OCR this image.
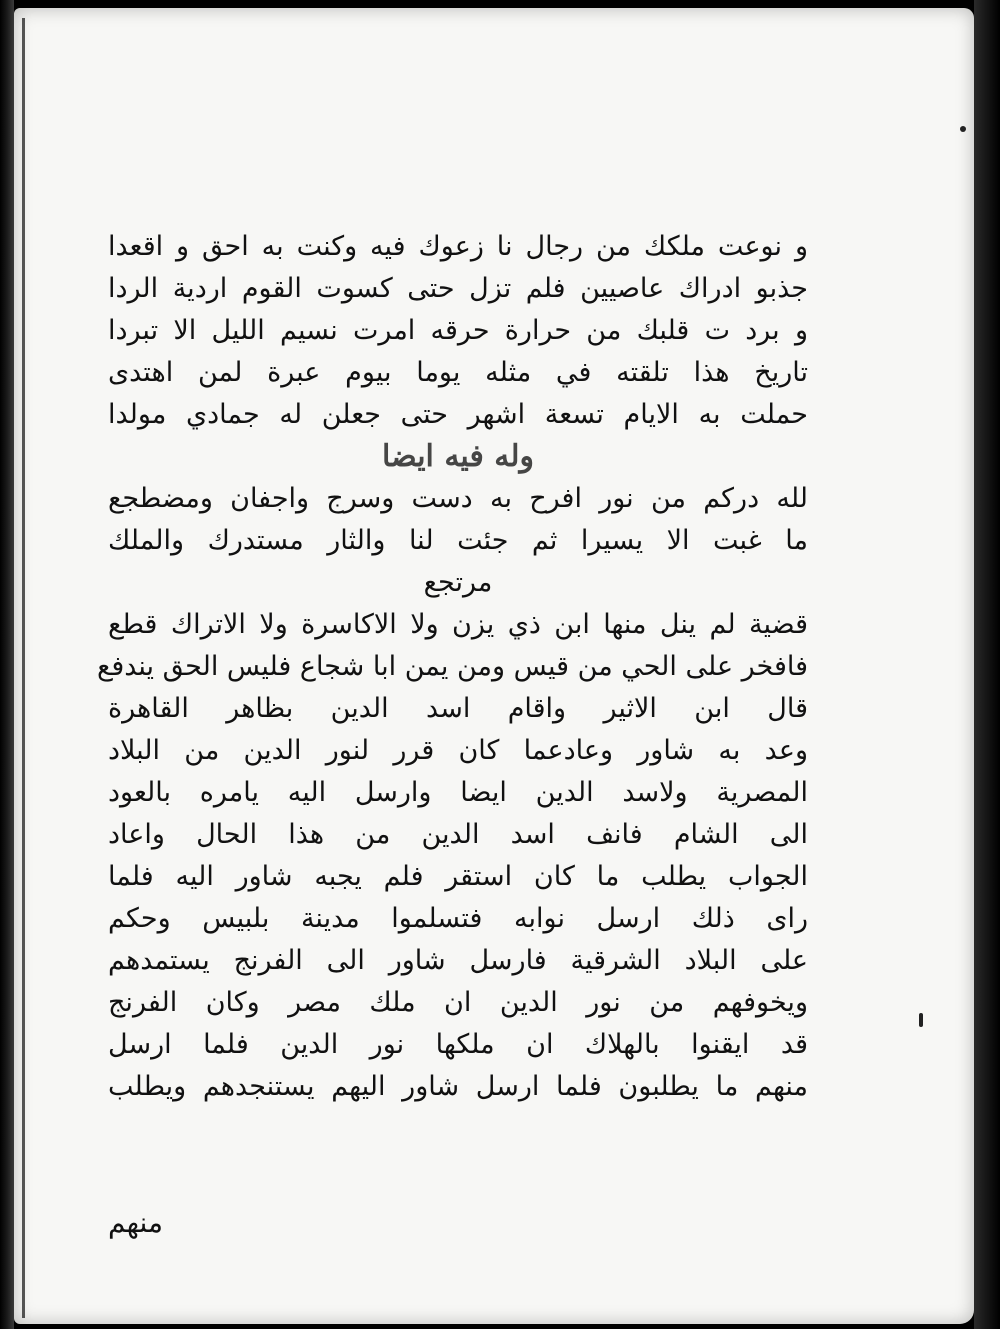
و نوعت ملكك من رجال نا زعوك فيه وكنت به احق و اقعدا
جذبو ادراك عاصيين فلم تزل حتى كسوت القوم اردية الردا
و برد ت قلبك من حرارة حرقه امرت نسيم الليل الا تبردا
تاريخ هذا تلقته في مثله يوما بيوم عبرة لمن اهتدى
حملت به الايام تسعة اشهر حتى جعلن له جمادي مولدا
وله فيه ايضا
لله دركم من نور افرح به دست وسرج واجفان ومضطجع
ما غبت الا يسيرا ثم جئت لنا والثار مستدرك والملك
مرتجع
قضية لم ينل منها ابن ذي يزن ولا الاكاسرة ولا الاتراك قطع
فافخر على الحي من قيس ومن يمن ابا شجاع فليس الحق يندفع
قال ابن الاثير واقام اسد الدين بظاهر القاهرة
وعد به شاور وعادعما كان قرر لنور الدين من البلاد
المصرية ولاسد الدين ايضا وارسل اليه يامره بالعود
الى الشام فانف اسد الدين من هذا الحال واعاد
الجواب يطلب ما كان استقر فلم يجبه شاور اليه فلما
راى ذلك ارسل نوابه فتسلموا مدينة بلبيس وحكم
على البلاد الشرقية فارسل شاور الى الفرنج يستمدهم
ويخوفهم من نور الدين ان ملك مصر وكان الفرنج
قد ايقنوا بالهلاك ان ملكها نور الدين فلما ارسل
منهم ما يطلبون فلما ارسل شاور اليهم يستنجدهم ويطلب
منهم
